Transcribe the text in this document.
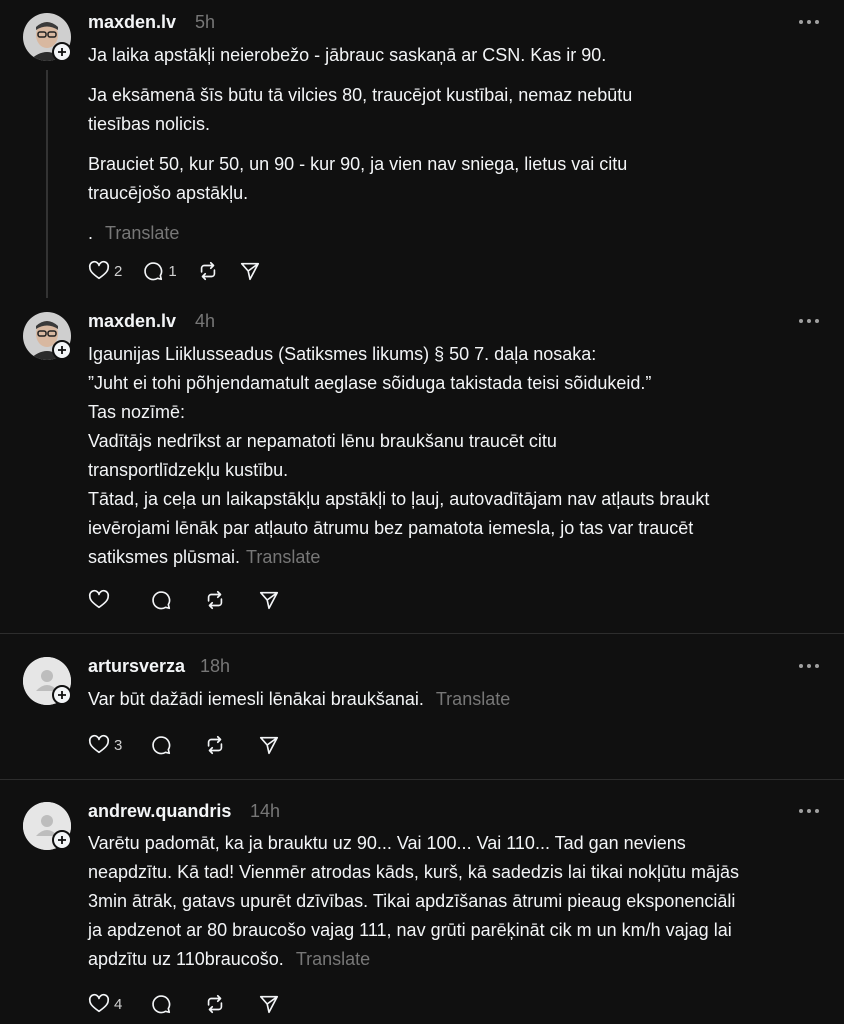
maxden.lv 5h

Ja laika apstākļi neierobežo - jābrauc saskaņā ar CSN. Kas ir 90.

Ja eksāmenā šīs būtu tā vilcies 80, traucējot kustībai, nemaz nebūtu
tiesības nolicis.

Brauciet 50, kur 50, un 90 - kur 90, ja vien nav sniega, lietus vai citu
traucējošo apstākļu.

. Translate

2	1
maxden.lv 4h

Igaunijas Liiklusseadus (Satiksmes likums) § 50 7. daļa nosaka:
”Juht ei tohi põhjendamatult aeglase sõiduga takistada teisi sõidukeid.”
Tas nozīmē:
Vadītājs nedrīkst ar nepamatoti lēnu braukšanu traucēt citu
transportlīdzekļu kustību.
Tātad, ja ceļa un laikapstākļu apstākļi to ļauj, autovadītājam nav atļauts braukt
ievērojami lēnāk par atļauto ātrumu bez pamatota iemesla, jo tas var traucēt
satiksmes plūsmai. Translate

artursverza 18h

Var būt dažādi iemesli lēnākai braukšanai. Translate

3
andrew.quandris 14h

Varētu padomāt, ka ja brauktu uz 90... Vai 100... Vai 110... Tad gan neviens
neapdzītu. Kā tad! Vienmēr atrodas kāds, kurš, kā sadedzis lai tikai nokļūtu mājās
3min ātrāk, gatavs upurēt dzīvības. Tikai apdzīšanas ātrumi pieaug eksponenciāli
ja apdzenot ar 80 braucošo vajag 111, nav grūti parēķināt cik m un km/h vajag lai
apdzītu uz 110braucošo. Translate

4
